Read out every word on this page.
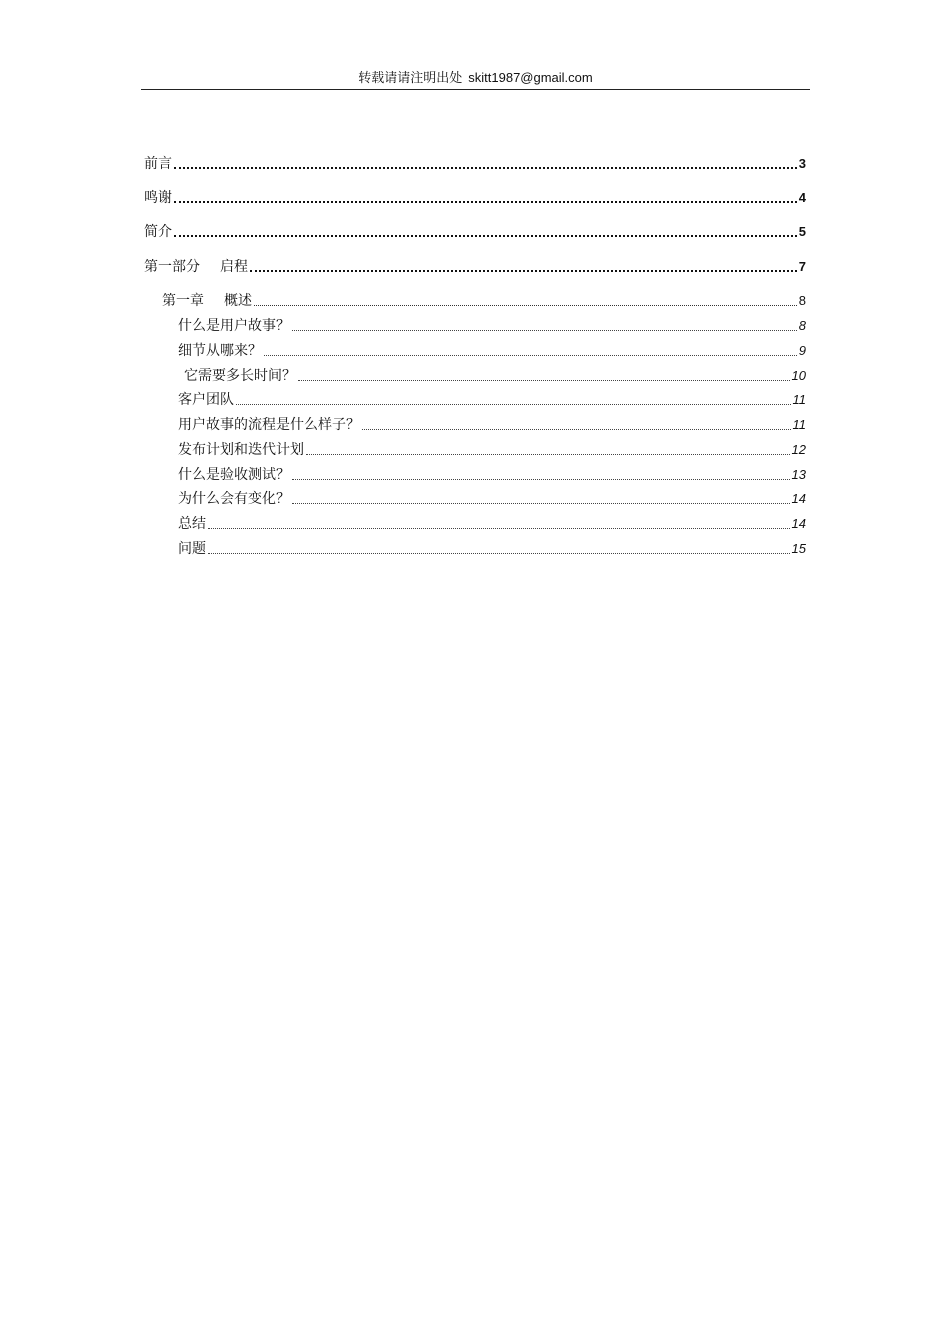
转载请请注明出处 skitt1987@gmail.com
前言	3
鸣谢	4
简介	5
第一部分 启程	7
第一章 概述	8
什么是用户故事？	8
细节从哪来？	9
它需要多长时间？	10
客户团队	11
用户故事的流程是什么样子？	11
发布计划和迭代计划	12
什么是验收测试？	13
为什么会有变化？	14
总结	14
问题	15
